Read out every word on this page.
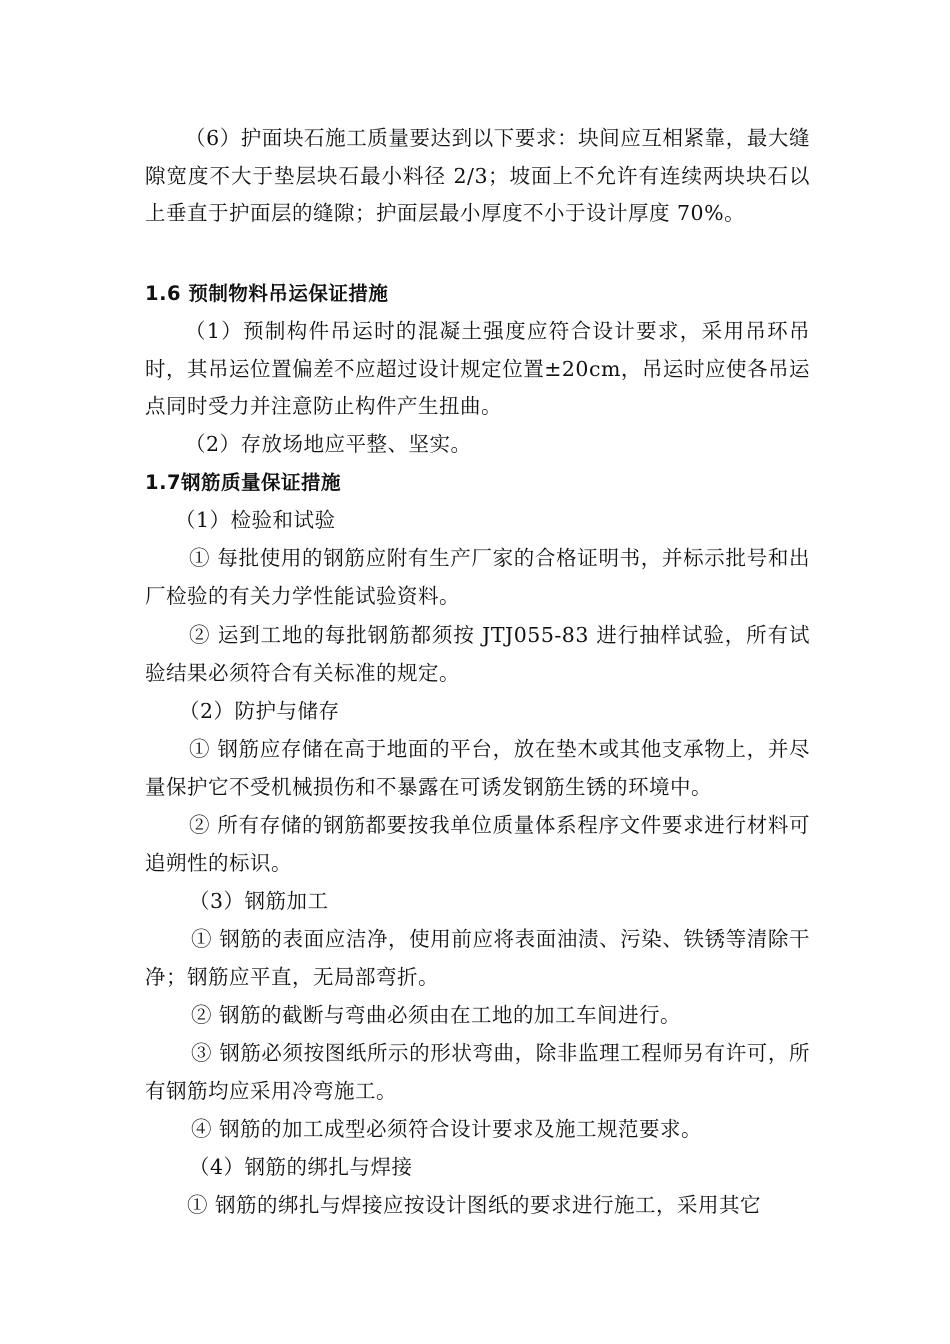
（6）护面块石施工质量要达到以下要求：块间应互相紧靠，最大缝隙宽度不大于垫层块石最小料径 2/3；坡面上不允许有连续两块块石以上垂直于护面层的缝隙；护面层最小厚度不小于设计厚度 70%。

1.6 预制物料吊运保证措施

（1）预制构件吊运时的混凝土强度应符合设计要求，采用吊环吊时，其吊运位置偏差不应超过设计规定位置±20cm，吊运时应使各吊运点同时受力并注意防止构件产生扭曲。

（2）存放场地应平整、坚实。

1.7钢筋质量保证措施

（1）检验和试验

① 每批使用的钢筋应附有生产厂家的合格证明书，并标示批号和出厂检验的有关力学性能试验资料。

② 运到工地的每批钢筋都须按 JTJ055-83 进行抽样试验，所有试验结果必须符合有关标准的规定。

（2）防护与储存

① 钢筋应存储在高于地面的平台，放在垫木或其他支承物上，并尽量保护它不受机械损伤和不暴露在可诱发钢筋生锈的环境中。

② 所有存储的钢筋都要按我单位质量体系程序文件要求进行材料可追朔性的标识。

（3）钢筋加工

① 钢筋的表面应洁净，使用前应将表面油渍、污染、铁锈等清除干净；钢筋应平直，无局部弯折。

② 钢筋的截断与弯曲必须由在工地的加工车间进行。

③ 钢筋必须按图纸所示的形状弯曲，除非监理工程师另有许可，所有钢筋均应采用冷弯施工。

④ 钢筋的加工成型必须符合设计要求及施工规范要求。

（4）钢筋的绑扎与焊接

① 钢筋的绑扎与焊接应按设计图纸的要求进行施工，采用其它
